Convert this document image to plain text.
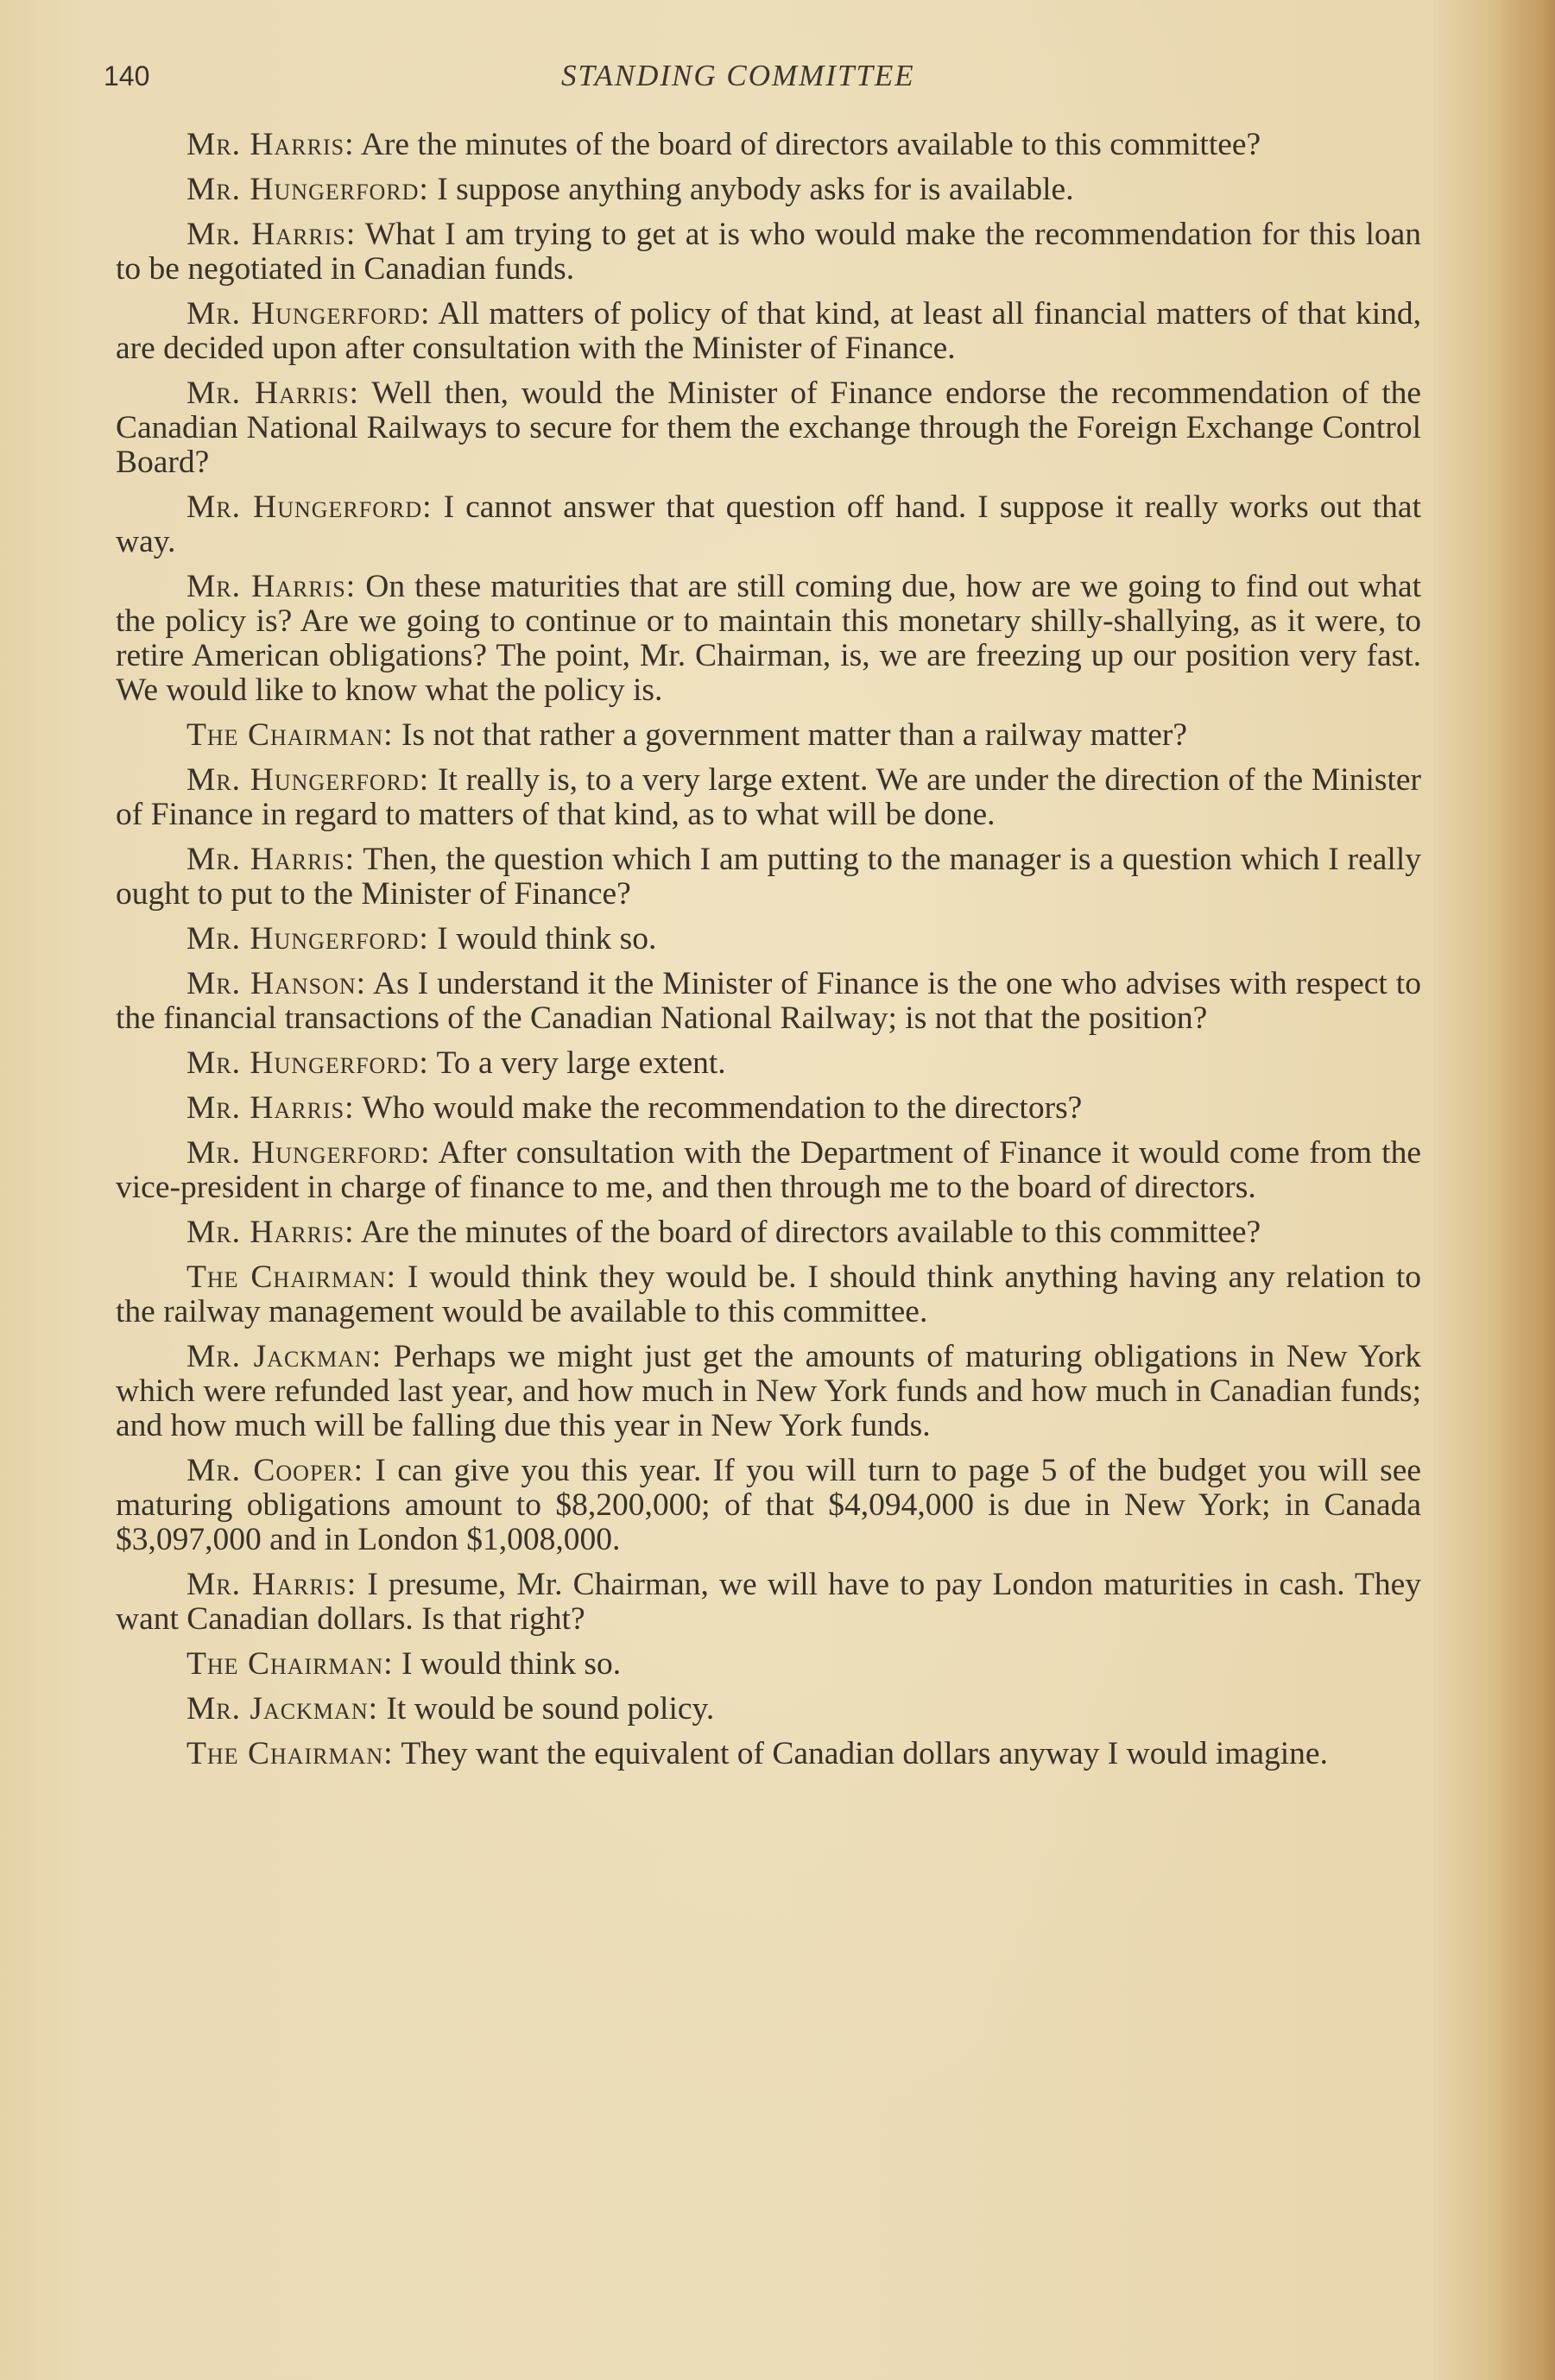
140	STANDING COMMITTEE

Mr. Harris: Are the minutes of the board of directors available to this committee?

Mr. Hungerford: I suppose anything anybody asks for is available.

Mr. Harris: What I am trying to get at is who would make the recommendation for this loan to be negotiated in Canadian funds.

Mr. Hungerford: All matters of policy of that kind, at least all financial matters of that kind, are decided upon after consultation with the Minister of Finance.

Mr. Harris: Well then, would the Minister of Finance endorse the recommendation of the Canadian National Railways to secure for them the exchange through the Foreign Exchange Control Board?

Mr. Hungerford: I cannot answer that question off hand. I suppose it really works out that way.

Mr. Harris: On these maturities that are still coming due, how are we going to find out what the policy is? Are we going to continue or to maintain this monetary shilly-shallying, as it were, to retire American obligations? The point, Mr. Chairman, is, we are freezing up our position very fast. We would like to know what the policy is.

The Chairman: Is not that rather a government matter than a railway matter?

Mr. Hungerford: It really is, to a very large extent. We are under the direction of the Minister of Finance in regard to matters of that kind, as to what will be done.

Mr. Harris: Then, the question which I am putting to the manager is a question which I really ought to put to the Minister of Finance?

Mr. Hungerford: I would think so.

Mr. Hanson: As I understand it the Minister of Finance is the one who advises with respect to the financial transactions of the Canadian National Railway; is not that the position?

Mr. Hungerford: To a very large extent.

Mr. Harris: Who would make the recommendation to the directors?

Mr. Hungerford: After consultation with the Department of Finance it would come from the vice-president in charge of finance to me, and then through me to the board of directors.

Mr. Harris: Are the minutes of the board of directors available to this committee?

The Chairman: I would think they would be. I should think anything having any relation to the railway management would be available to this committee.

Mr. Jackman: Perhaps we might just get the amounts of maturing obligations in New York which were refunded last year, and how much in New York funds and how much in Canadian funds; and how much will be falling due this year in New York funds.

Mr. Cooper: I can give you this year. If you will turn to page 5 of the budget you will see maturing obligations amount to $8,200,000; of that $4,094,000 is due in New York; in Canada $3,097,000 and in London $1,008,000.

Mr. Harris: I presume, Mr. Chairman, we will have to pay London maturities in cash. They want Canadian dollars. Is that right?

The Chairman: I would think so.

Mr. Jackman: It would be sound policy.

The Chairman: They want the equivalent of Canadian dollars anyway I would imagine.
